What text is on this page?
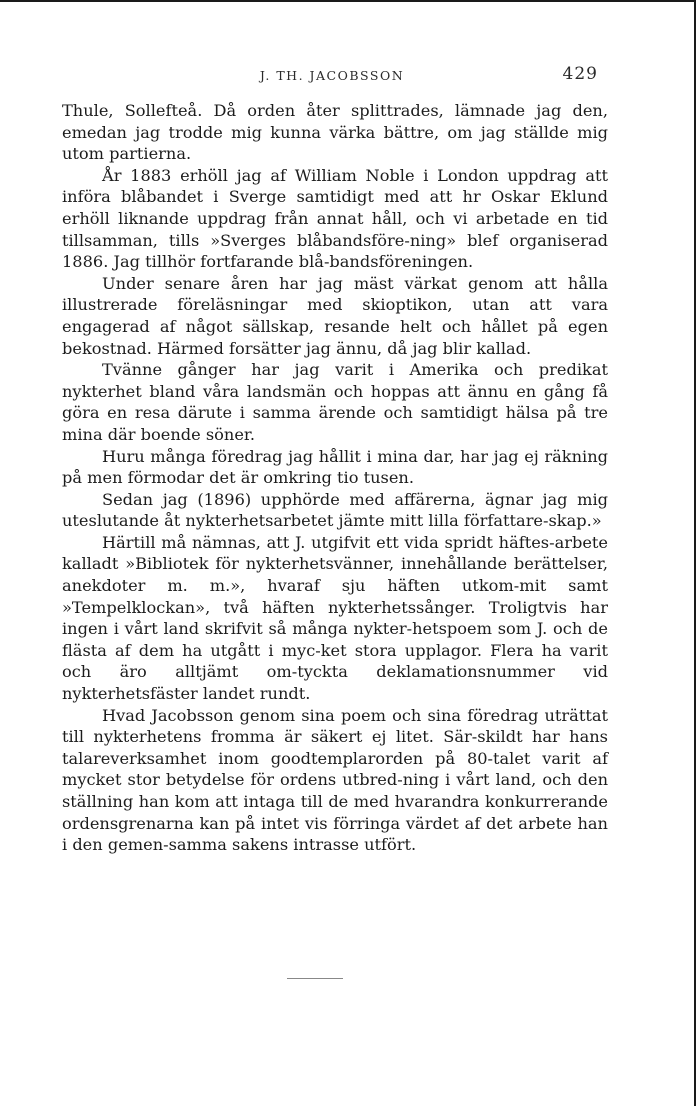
J. TH. JACOBSSON	429

Thule, Sollefteå. Då orden åter splittrades, lämnade jag den, emedan jag trodde mig kunna värka bättre, om jag ställde mig utom partierna.

År 1883 erhöll jag af William Noble i London uppdrag att införa blåbandet i Sverge samtidigt med att hr Oskar Eklund erhöll liknande uppdrag från annat håll, och vi arbetade en tid tillsamman, tills »Sverges blåbandsföre-ning» blef organiserad 1886. Jag tillhör fortfarande blå-bandsföreningen.

Under senare åren har jag mäst värkat genom att hålla illustrerade föreläsningar med skioptikon, utan att vara engagerad af något sällskap, resande helt och hållet på egen bekostnad. Härmed forsätter jag ännu, då jag blir kallad.

Tvänne gånger har jag varit i Amerika och predikat nykterhet bland våra landsmän och hoppas att ännu en gång få göra en resa därute i samma ärende och samtidigt hälsa på tre mina där boende söner.

Huru många föredrag jag hållit i mina dar, har jag ej räkning på men förmodar det är omkring tio tusen.

Sedan jag (1896) upphörde med affärerna, ägnar jag mig uteslutande åt nykterhetsarbetet jämte mitt lilla författare-skap.»

Härtill må nämnas, att J. utgifvit ett vida spridt häftes-arbete kalladt »Bibliotek för nykterhetsvänner, innehållande berättelser, anekdoter m. m.», hvaraf sju häften utkom-mit samt »Tempelklockan», två häften nykterhetssånger. Troligtvis har ingen i vårt land skrifvit så många nykter-hetspoem som J. och de flästa af dem ha utgått i myc-ket stora upplagor. Flera ha varit och äro alltjämt om-tyckta deklamationsnummer vid nykterhetsfäster landet rundt.

Hvad Jacobsson genom sina poem och sina föredrag uträttat till nykterhetens fromma är säkert ej litet. Sär-skildt har hans talareverksamhet inom goodtemplarorden på 80-talet varit af mycket stor betydelse för ordens utbred-ning i vårt land, och den ställning han kom att intaga till de med hvarandra konkurrerande ordensgrenarna kan på intet vis förringa värdet af det arbete han i den gemen-samma sakens intrasse utfört.
